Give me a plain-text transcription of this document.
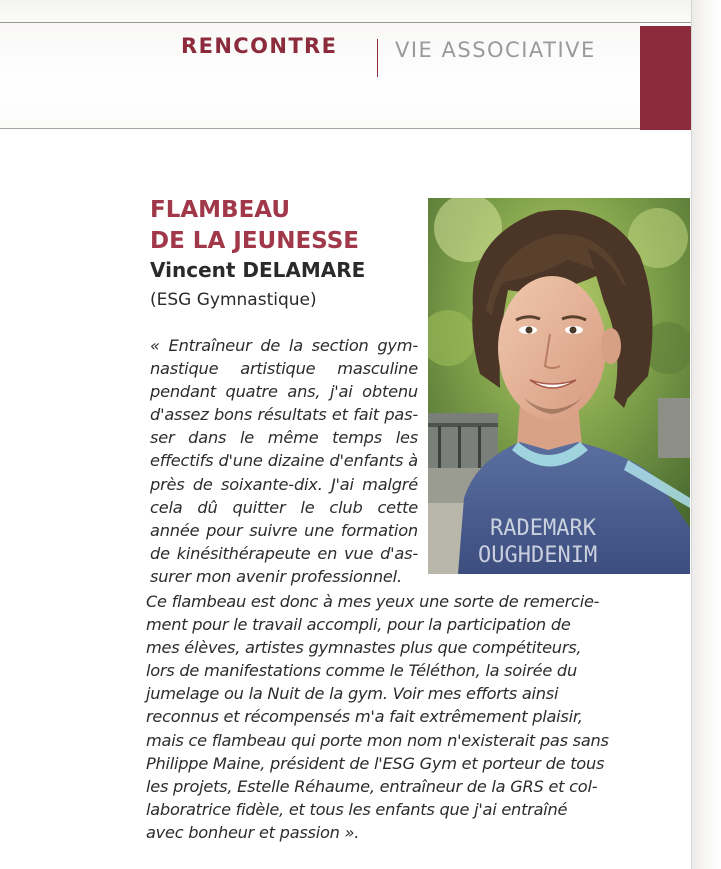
RENCONTRE	VIE ASSOCIATIVE
FLAMBEAU
DE LA JEUNESSE
Vincent DELAMARE
(ESG Gymnastique)
RADEMARK
OUGHDENIM
« Entraîneur de la section gym-
nastique artistique masculine
pendant quatre ans, j'ai obtenu
d'assez bons résultats et fait pas-
ser dans le même temps les
effectifs d'une dizaine d'enfants à
près de soixante-dix. J'ai malgré
cela dû quitter le club cette
année pour suivre une formation
de kinésithérapeute en vue d'as-
surer mon avenir professionnel.
Ce flambeau est donc à mes yeux une sorte de remercie-
ment pour le travail accompli, pour la participation de
mes élèves, artistes gymnastes plus que compétiteurs,
lors de manifestations comme le Téléthon, la soirée du
jumelage ou la Nuit de la gym. Voir mes efforts ainsi
reconnus et récompensés m'a fait extrêmement plaisir,
mais ce flambeau qui porte mon nom n'existerait pas sans
Philippe Maine, président de l'ESG Gym et porteur de tous
les projets, Estelle Réhaume, entraîneur de la GRS et col-
laboratrice fidèle, et tous les enfants que j'ai entraîné
avec bonheur et passion ».
